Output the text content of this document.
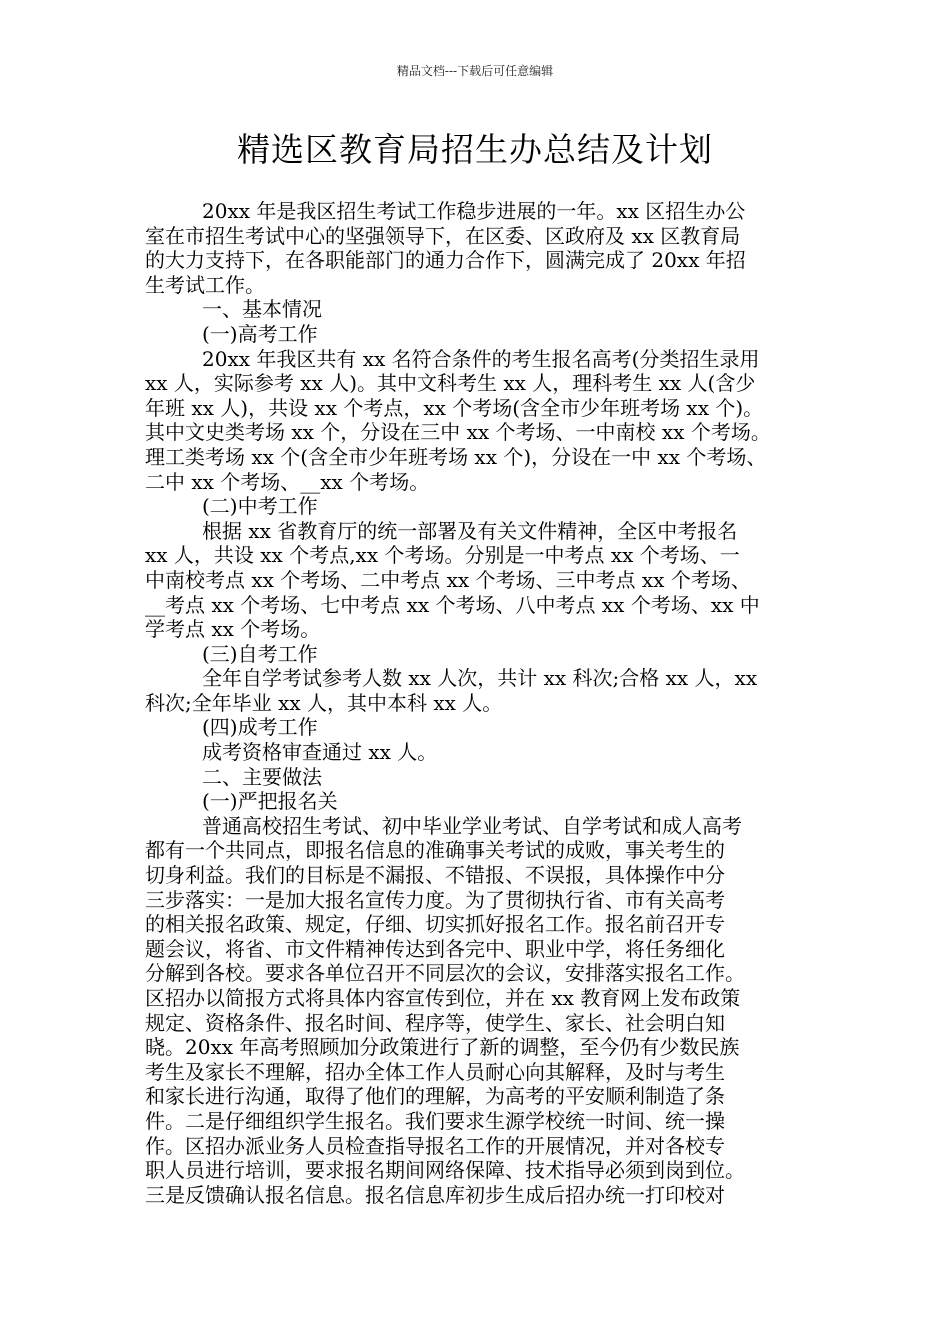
精品文档---下载后可任意编辑
精选区教育局招生办总结及计划
20xx 年是我区招生考试工作稳步进展的一年。xx 区招生办公
室在市招生考试中心的坚强领导下，在区委、区政府及 xx 区教育局
的大力支持下，在各职能部门的通力合作下，圆满完成了 20xx 年招
生考试工作。
一、基本情况
(一)高考工作
20xx 年我区共有 xx 名符合条件的考生报名高考(分类招生录用
xx 人，实际参考 xx 人)。其中文科考生 xx 人，理科考生 xx 人(含少
年班 xx 人)，共设 xx 个考点，xx 个考场(含全市少年班考场 xx 个)。
其中文史类考场 xx 个，分设在三中 xx 个考场、一中南校 xx 个考场。
理工类考场 xx 个(含全市少年班考场 xx 个)，分设在一中 xx 个考场、
二中 xx 个考场、__xx 个考场。
(二)中考工作
根据 xx 省教育厅的统一部署及有关文件精神，全区中考报名
xx 人，共设 xx 个考点,xx 个考场。分别是一中考点 xx 个考场、一
中南校考点 xx 个考场、二中考点 xx 个考场、三中考点 xx 个考场、
__考点 xx 个考场、七中考点 xx 个考场、八中考点 xx 个考场、xx 中
学考点 xx 个考场。
(三)自考工作
全年自学考试参考人数 xx 人次，共计 xx 科次;合格 xx 人，xx
科次;全年毕业 xx 人，其中本科 xx 人。
(四)成考工作
成考资格审查通过 xx 人。
二、主要做法
(一)严把报名关
普通高校招生考试、初中毕业学业考试、自学考试和成人高考
都有一个共同点，即报名信息的准确事关考试的成败，事关考生的
切身利益。我们的目标是不漏报、不错报、不误报，具体操作中分
三步落实：一是加大报名宣传力度。为了贯彻执行省、市有关高考
的相关报名政策、规定，仔细、切实抓好报名工作。报名前召开专
题会议，将省、市文件精神传达到各完中、职业中学，将任务细化
分解到各校。要求各单位召开不同层次的会议，安排落实报名工作。
区招办以简报方式将具体内容宣传到位，并在 xx 教育网上发布政策
规定、资格条件、报名时间、程序等，使学生、家长、社会明白知
晓。20xx 年高考照顾加分政策进行了新的调整，至今仍有少数民族
考生及家长不理解，招办全体工作人员耐心向其解释，及时与考生
和家长进行沟通，取得了他们的理解，为高考的平安顺利制造了条
件。二是仔细组织学生报名。我们要求生源学校统一时间、统一操
作。区招办派业务人员检查指导报名工作的开展情况，并对各校专
职人员进行培训，要求报名期间网络保障、技术指导必须到岗到位。
三是反馈确认报名信息。报名信息库初步生成后招办统一打印校对
